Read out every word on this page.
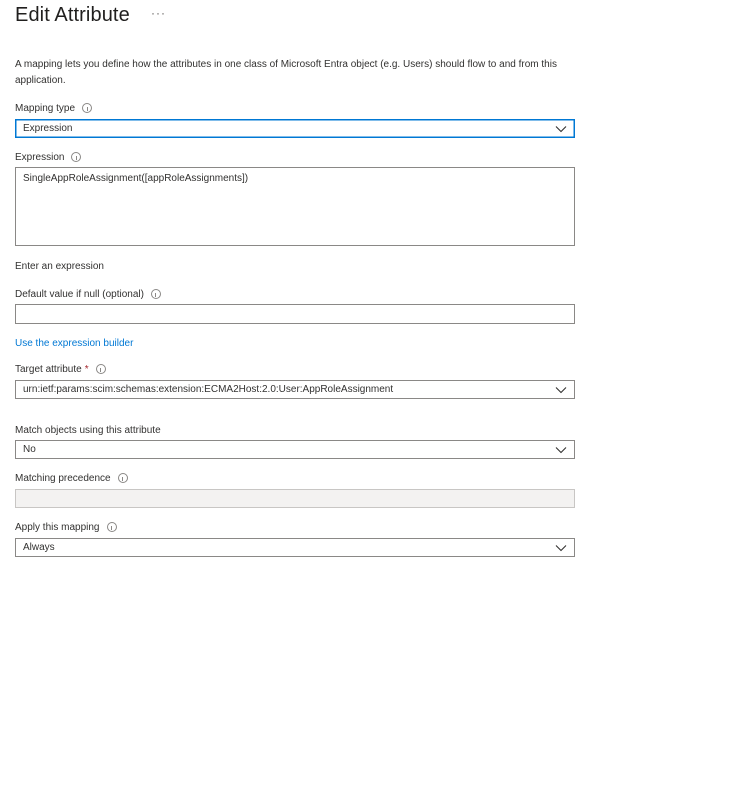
Edit Attribute ···
A mapping lets you define how the attributes in one class of Microsoft Entra object (e.g. Users) should flow to and from this application.
Mapping type
Expression
Expression
SingleAppRoleAssignment([appRoleAssignments])
Enter an expression
Default value if null (optional)
Use the expression builder
Target attribute *
urn:ietf:params:scim:schemas:extension:ECMA2Host:2.0:User:AppRoleAssignment
Match objects using this attribute
No
Matching precedence
Apply this mapping
Always
